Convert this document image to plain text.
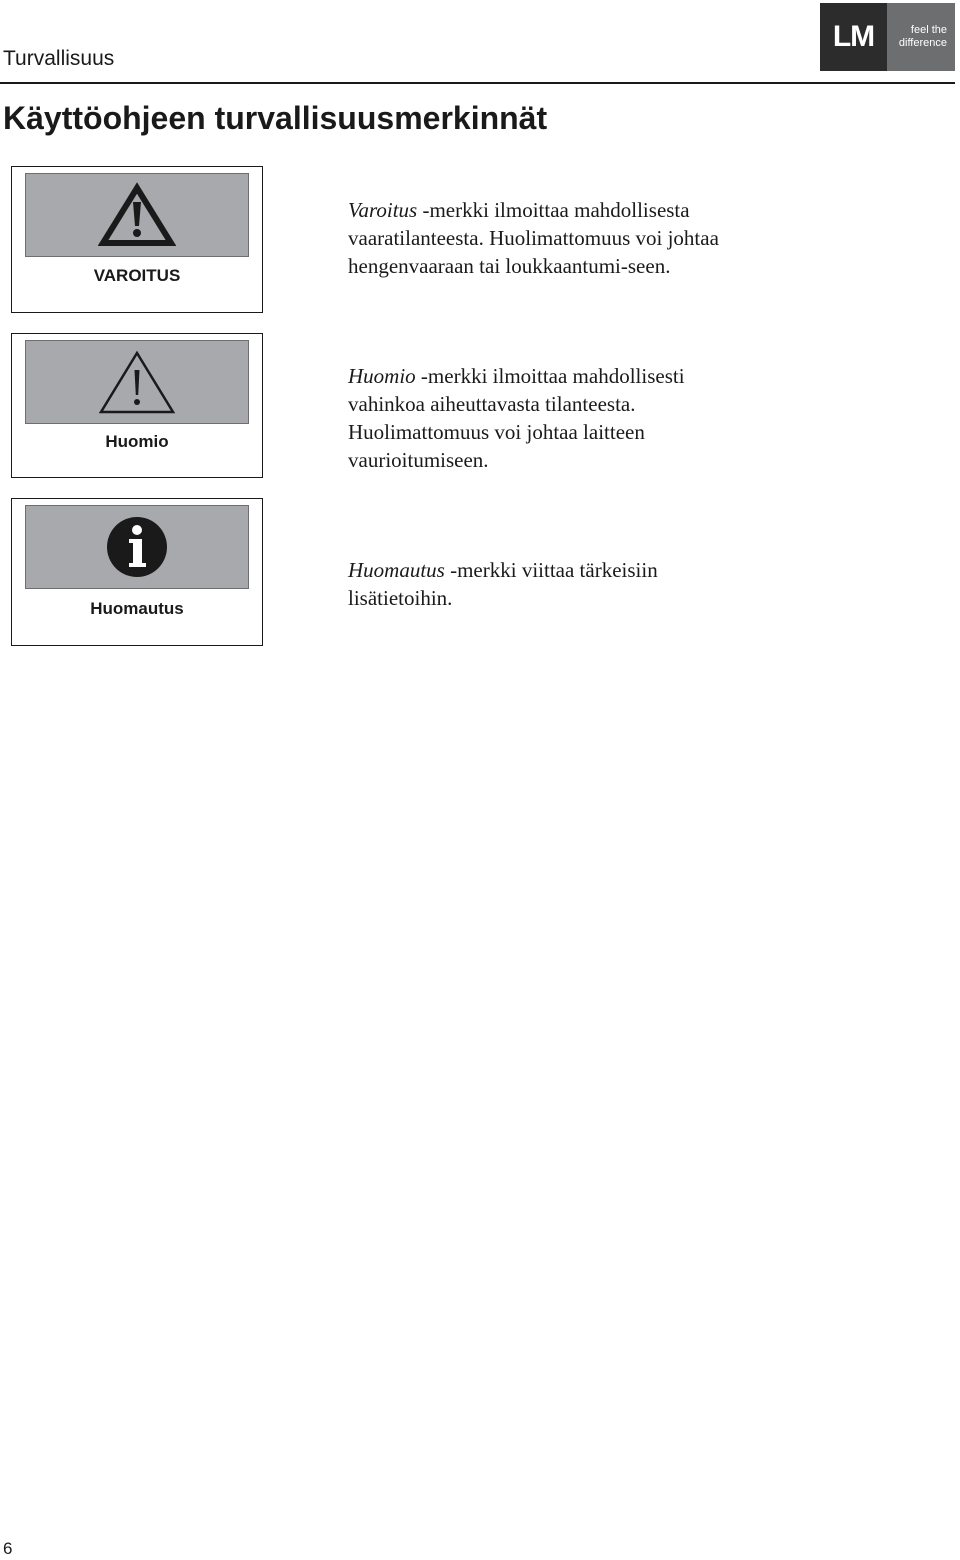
Turvallisuus
LM	feel the
difference
Käyttöohjeen turvallisuusmerkinnät
VAROITUS
Varoitus -merkki ilmoittaa mahdollisesta vaaratilanteesta. Huolimattomuus voi johtaa hengenvaaraan tai loukkaantumi-seen.
Huomio
Huomio -merkki ilmoittaa mahdollisesti vahinkoa aiheuttavasta tilanteesta. Huolimattomuus voi johtaa laitteen vaurioitumiseen.
Huomautus
Huomautus -merkki viittaa tärkeisiin lisätietoihin.
6
